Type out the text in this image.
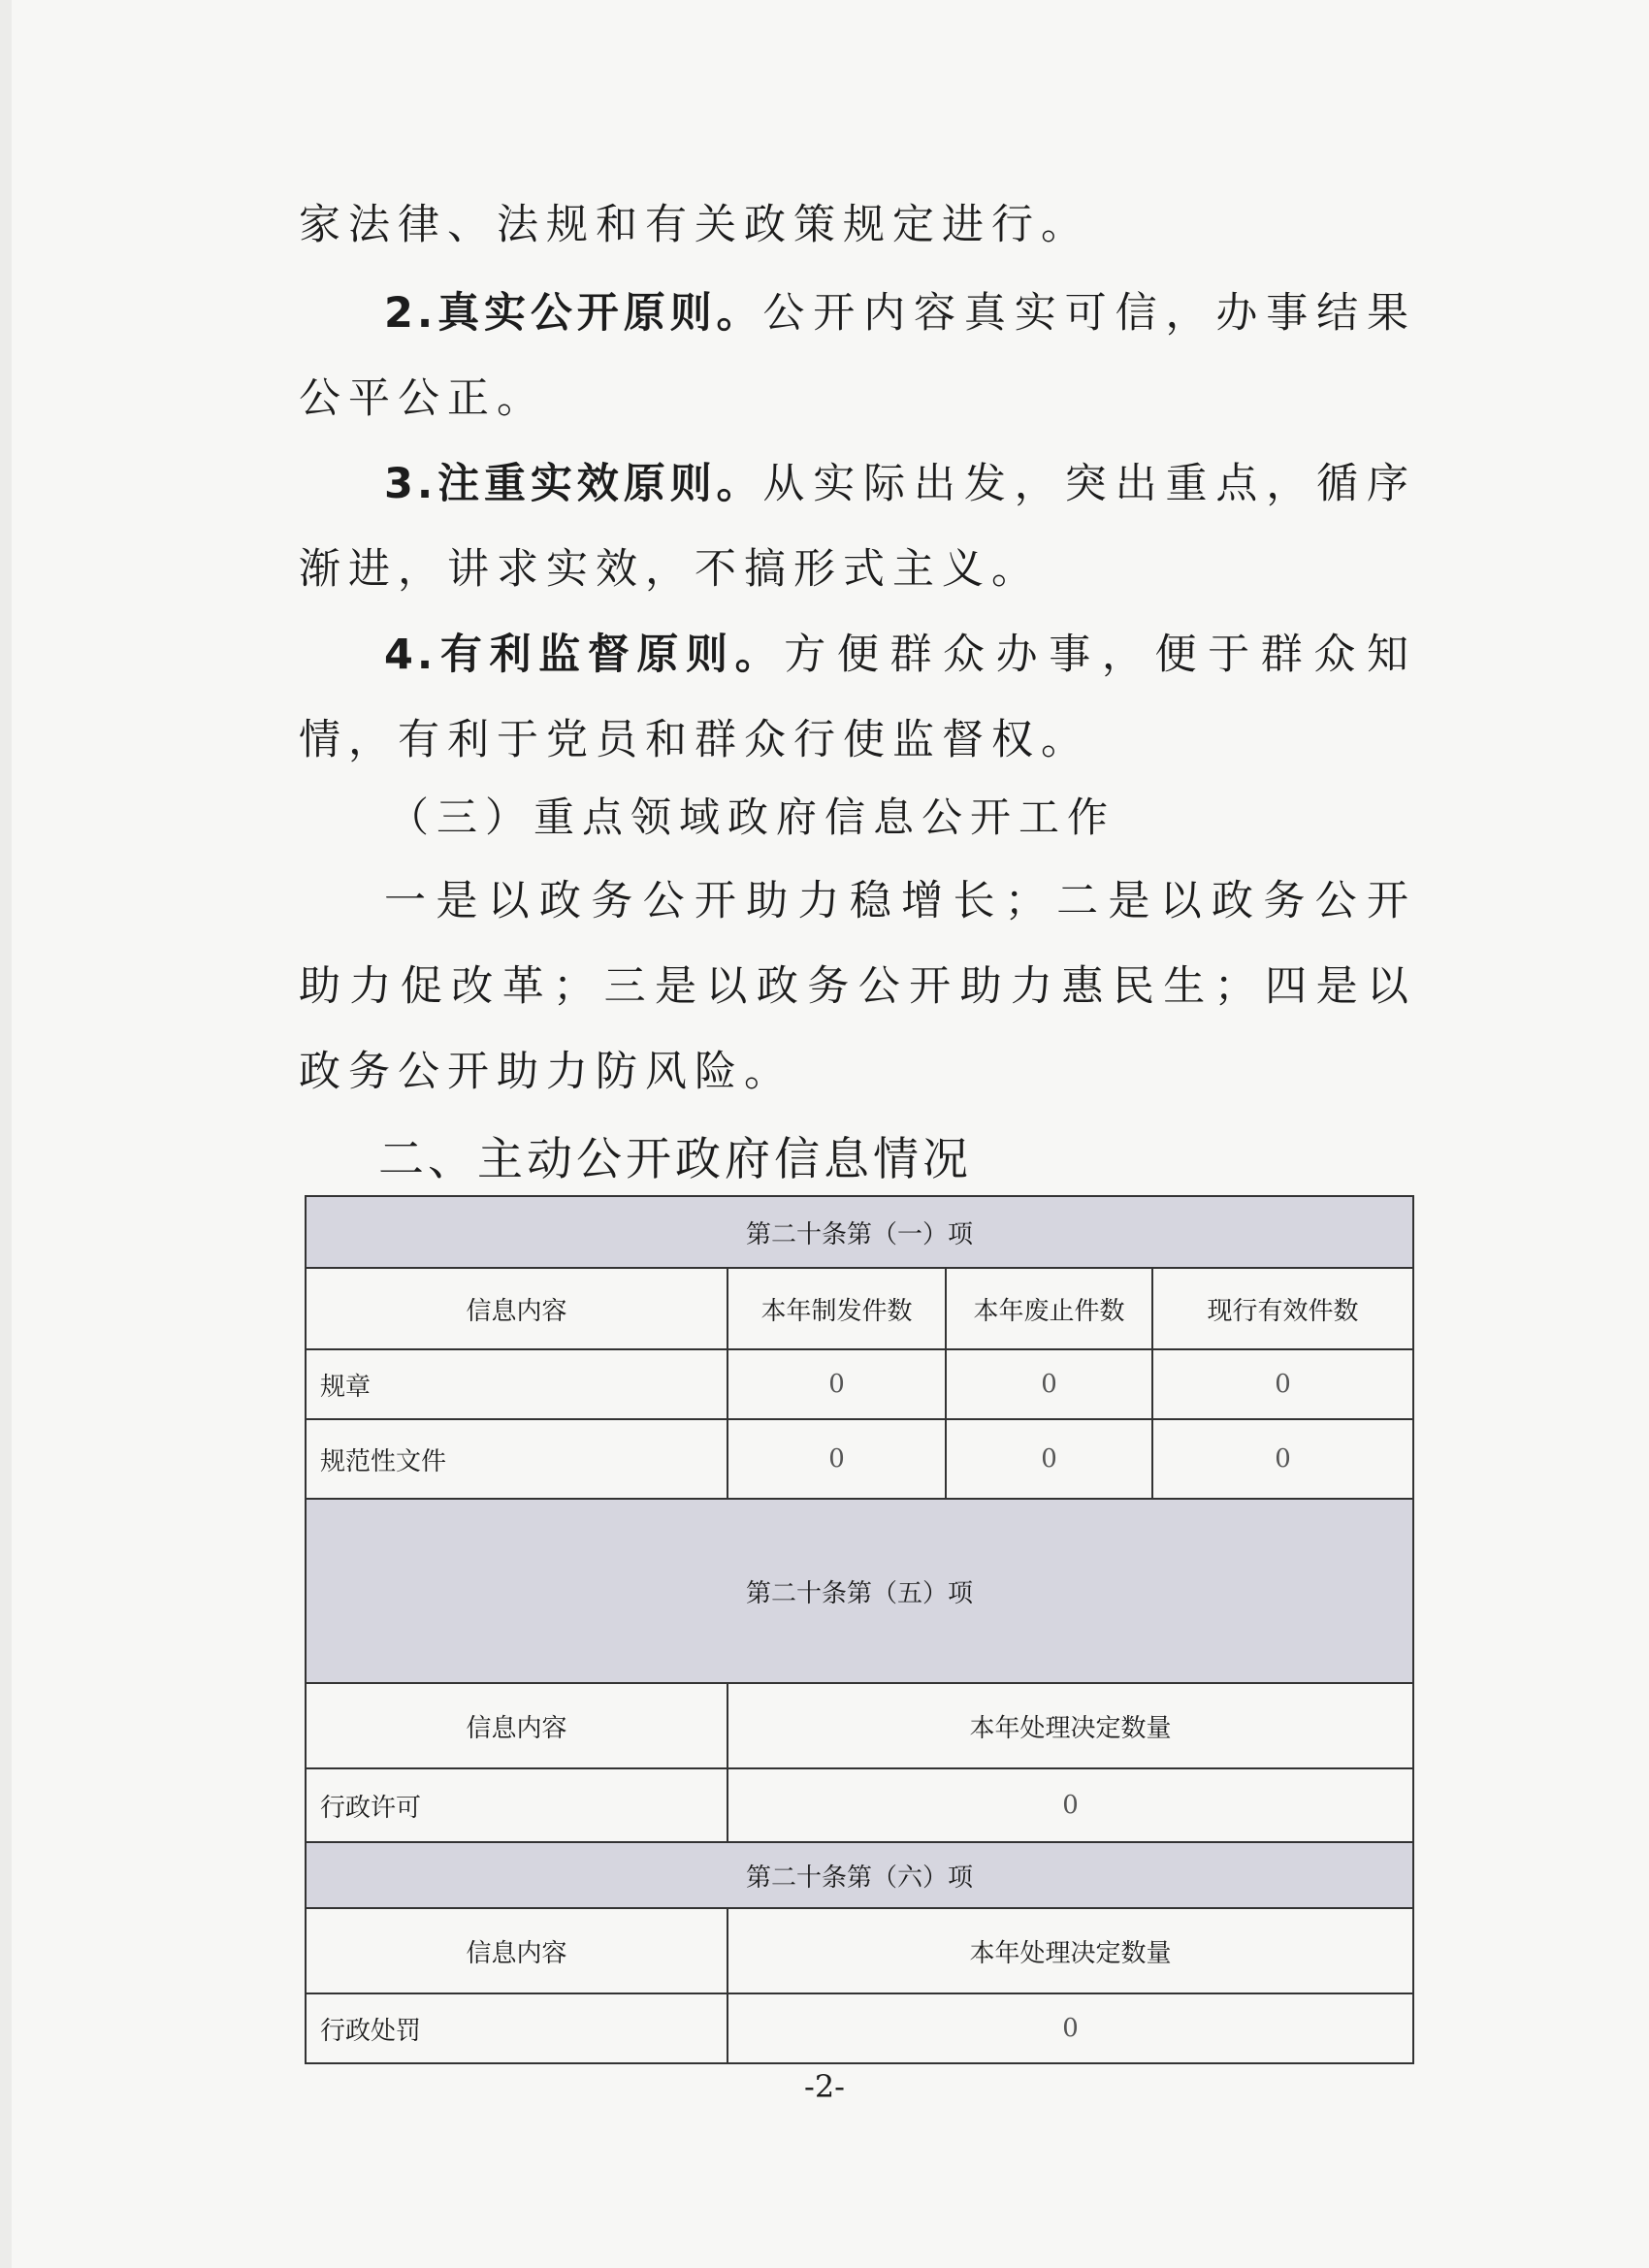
家法律、法规和有关政策规定进行。

2.真实公开原则。公开内容真实可信，办事结果公平公正。

3.注重实效原则。从实际出发，突出重点，循序渐进，讲求实效，不搞形式主义。

4.有利监督原则。方便群众办事，便于群众知情，有利于党员和群众行使监督权。

（三）重点领域政府信息公开工作

一是以政务公开助力稳增长；二是以政务公开助力促改革；三是以政务公开助力惠民生；四是以政务公开助力防风险。

二、主动公开政府信息情况
第二十条第（一）项			
信息内容	本年制发件数	本年废止件数	现行有效件数
规章	0	0	0
规范性文件	0	0	0
第二十条第（五）项			
信息内容	本年处理决定数量		
行政许可	0		
第二十条第（六）项			
信息内容	本年处理决定数量		
行政处罚	0		

-2-
